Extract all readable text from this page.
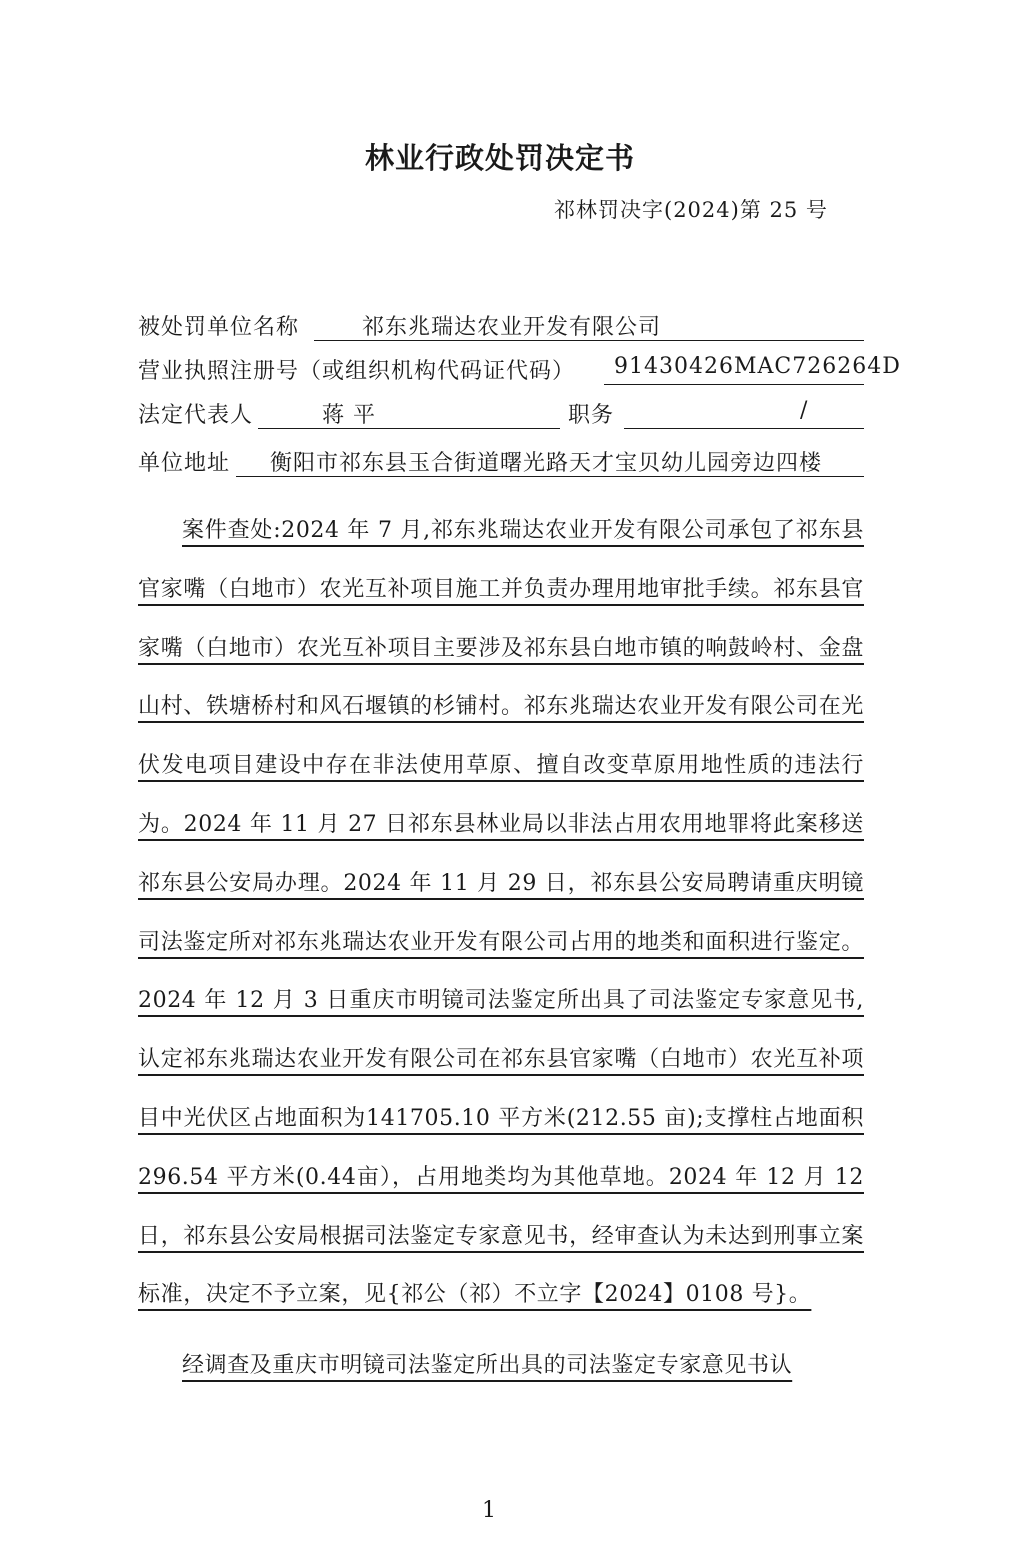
林业行政处罚决定书
祁林罚决字(2024)第 25 号
被处罚单位名称	祁东兆瑞达农业开发有限公司
营业执照注册号（或组织机构代码证代码）	91430426MAC726264D
法定代表人	蒋 平	职务	/
单位地址	衡阳市祁东县玉合街道曙光路天才宝贝幼儿园旁边四楼

案件查处:2024 年 7 月,祁东兆瑞达农业开发有限公司承包了祁东县官家嘴（白地市）农光互补项目施工并负责办理用地审批手续。祁东县官家嘴（白地市）农光互补项目主要涉及祁东县白地市镇的响鼓岭村、金盘山村、铁塘桥村和风石堰镇的杉铺村。祁东兆瑞达农业开发有限公司在光伏发电项目建设中存在非法使用草原、擅自改变草原用地性质的违法行为。2024 年 11 月 27 日祁东县林业局以非法占用农用地罪将此案移送祁东县公安局办理。2024 年 11 月 29 日，祁东县公安局聘请重庆明镜司法鉴定所对祁东兆瑞达农业开发有限公司占用的地类和面积进行鉴定。2024 年 12 月 3 日重庆市明镜司法鉴定所出具了司法鉴定专家意见书,认定祁东兆瑞达农业开发有限公司在祁东县官家嘴（白地市）农光互补项目中光伏区占地面积为141705.10 平方米(212.55 亩);支撑柱占地面积 296.54 平方米(0.44亩），占用地类均为其他草地。2024 年 12 月 12 日，祁东县公安局根据司法鉴定专家意见书，经审查认为未达到刑事立案标准，决定不予立案，见{祁公（祁）不立字【2024】0108 号}。

经调查及重庆市明镜司法鉴定所出具的司法鉴定专家意见书认

1
